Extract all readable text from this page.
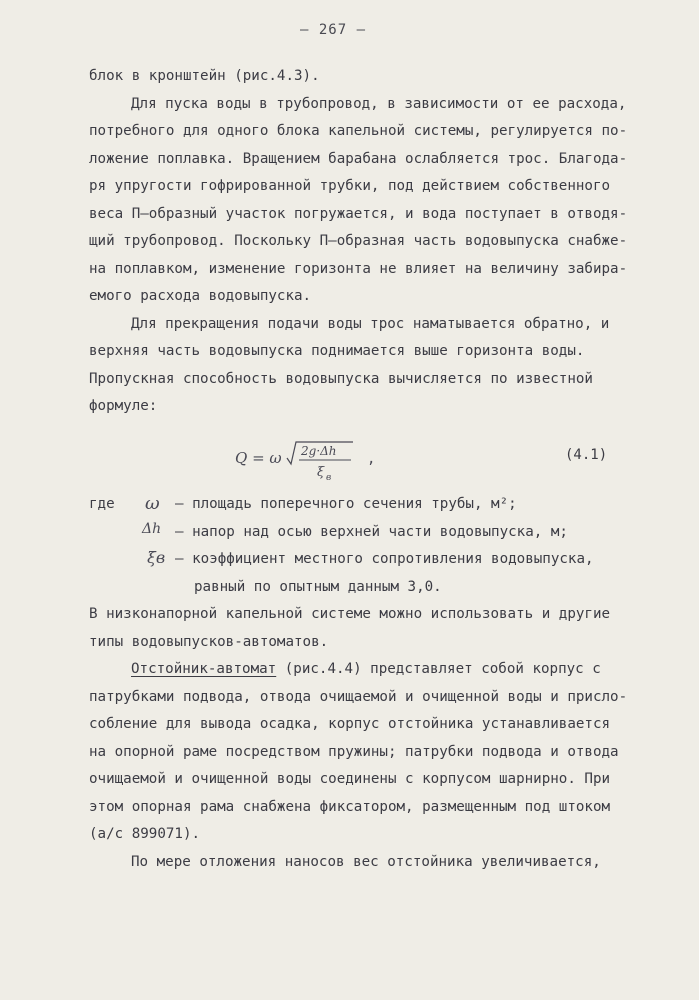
– 267 –
блок в кронштейн (рис.4.3).
Для пуска воды в трубопровод, в зависимости от ее расхода,
потребного для одного блока капельной системы, регулируется по-
ложение поплавка. Вращением барабана ослабляется трос. Благода-
ря упругости гофрированной трубки, под действием собственного
веса П–образный участок погружается, и вода поступает в отводя-
щий трубопровод. Поскольку П–образная часть водовыпуска снабже-
на поплавком, изменение горизонта не влияет на величину забира-
емого расхода водовыпуска.
Для прекращения подачи воды трос наматывается обратно, и
верхняя часть водовыпуска поднимается выше горизонта воды.
Пропускная способность водовыпуска вычисляется по известной
формуле:
Q = ω 2g·Δh
ξ в
,	(4.1)
где ω – площадь поперечного сечения трубы, м²;
Δh – напор над осью верхней части водовыпуска, м;
ξв – коэффициент местного сопротивления водовыпуска,
равный по опытным данным 3,0.
В низконапорной капельной системе можно использовать и другие
типы водовыпусков-автоматов.
Отстойник-автомат (рис.4.4) представляет собой корпус с
патрубками подвода, отвода очищаемой и очищенной воды и присло-
собление для вывода осадка, корпус отстойника устанавливается
на опорной раме посредством пружины; патрубки подвода и отвода
очищаемой и очищенной воды соединены с корпусом шарнирно. При
этом опорная рама снабжена фиксатором, размещенным под штоком
(а/с 899071).
По мере отложения наносов вес отстойника увеличивается,
